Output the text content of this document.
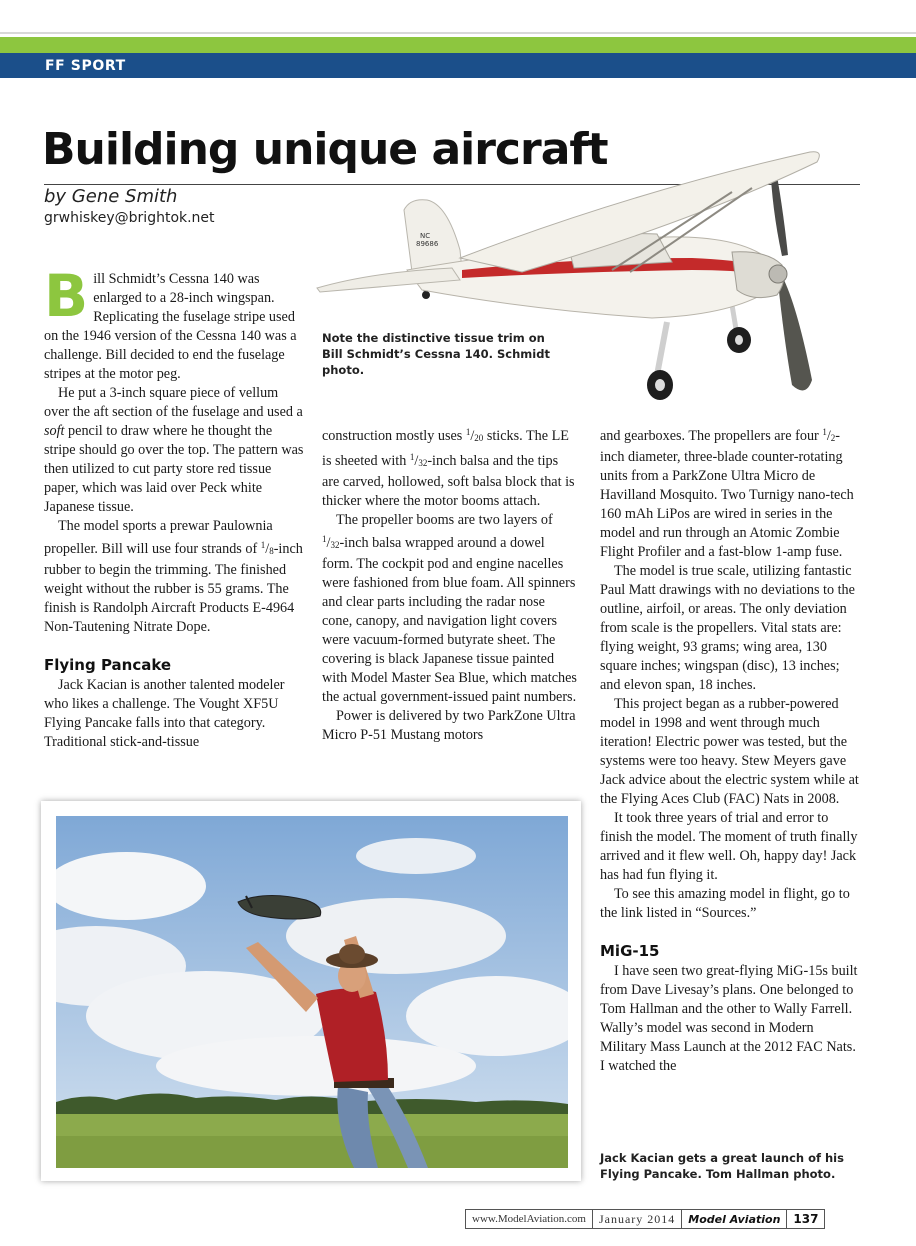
FF SPORT
Building unique aircraft
by Gene Smith
grwhiskey@brightok.net
NC
89686
Note the distinctive tissue trim on Bill Schmidt’s Cessna 140. Schmidt photo.

Bill Schmidt’s Cessna 140 was enlarged to a 28-inch wingspan. Replicating the fuselage stripe used on the 1946 version of the Cessna 140 was a challenge. Bill decided to end the fuselage stripes at the motor peg.

He put a 3-inch square piece of vellum over the aft section of the fuselage and used a soft pencil to draw where he thought the stripe should go over the top. The pattern was then utilized to cut party store red tissue paper, which was laid over Peck white Japanese tissue.

The model sports a prewar Paulownia propeller. Bill will use four strands of $^1/_8$-inch rubber to begin the trimming. The finished weight without the rubber is 55 grams. The finish is Randolph Aircraft Products E-4964 Non-Tautening Nitrate Dope.

Flying Pancake

Jack Kacian is another talented modeler who likes a challenge. The Vought XF5U Flying Pancake falls into that category. Traditional stick-and-tissue

construction mostly uses $^1/_{20}$ sticks. The LE is sheeted with $^1/_{32}$-inch balsa and the tips are carved, hollowed, soft balsa block that is thicker where the motor booms attach.

The propeller booms are two layers of $^1/_{32}$-inch balsa wrapped around a dowel form. The cockpit pod and engine nacelles were fashioned from blue foam. All spinners and clear parts including the radar nose cone, canopy, and navigation light covers were vacuum-formed butyrate sheet. The covering is black Japanese tissue painted with Model Master Sea Blue, which matches the actual government-issued paint numbers.

Power is delivered by two ParkZone Ultra Micro P-51 Mustang motors

and gearboxes. The propellers are four $^1/_2$-inch diameter, three-blade counter-rotating units from a ParkZone Ultra Micro de Havilland Mosquito. Two Turnigy nano-tech 160 mAh LiPos are wired in series in the model and run through an Atomic Zombie Flight Profiler and a fast-blow 1-amp fuse.

The model is true scale, utilizing fantastic Paul Matt drawings with no deviations to the outline, airfoil, or areas. The only deviation from scale is the propellers. Vital stats are: flying weight, 93 grams; wing area, 130 square inches; wingspan (disc), 13 inches; and elevon span, 18 inches.

This project began as a rubber-powered model in 1998 and went through much iteration! Electric power was tested, but the systems were too heavy. Stew Meyers gave Jack advice about the electric system while at the Flying Aces Club (FAC) Nats in 2008.

It took three years of trial and error to finish the model. The moment of truth finally arrived and it flew well. Oh, happy day! Jack has had fun flying it.

To see this amazing model in flight, go to the link listed in “Sources.”

MiG-15

I have seen two great-flying MiG-15s built from Dave Livesay’s plans. One belonged to Tom Hallman and the other to Wally Farrell. Wally’s model was second in Modern Military Mass Launch at the 2012 FAC Nats. I watched the

Jack Kacian gets a great launch of his Flying Pancake. Tom Hallman photo.
www.ModelAviation.com	January 2014	Model Aviation	137
